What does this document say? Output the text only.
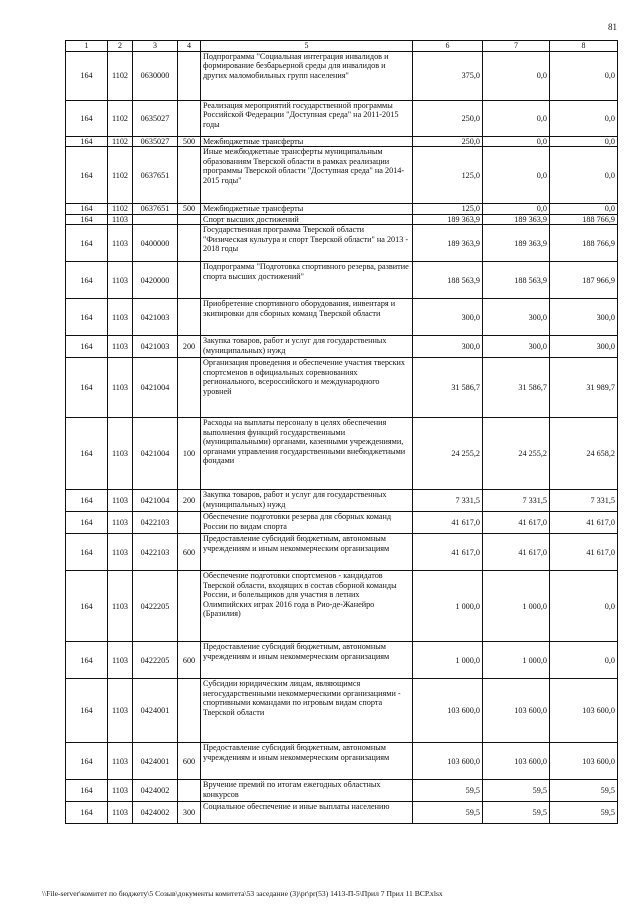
81
1	2	3	4	5	6	7	8
164	1102	0630000		Подпрограмма "Социальная интеграция инвалидов и формирование безбарьерной среды для инвалидов и других маломобильных групп населения"	375,0	0,0	0,0
164	1102	0635027		Реализация мероприятий государственной программы Российской Федерации "Доступная среда" на 2011-2015 годы	250,0	0,0	0,0
164	1102	0635027	500	Межбюджетные трансферты	250,0	0,0	0,0
164	1102	0637651		Иные межбюджетные трансферты муниципальным образованиям Тверской области в рамках реализации программы Тверской области "Доступная среда" на 2014-2015 годы"	125,0	0,0	0,0
164	1102	0637651	500	Межбюджетные трансферты	125,0	0,0	0,0
164	1103			Спорт высших достижений	189 363,9	189 363,9	188 766,9
164	1103	0400000		Государственная программа Тверской области "Физическая культура и спорт Тверской области" на 2013 - 2018 годы	189 363,9	189 363,9	188 766,9
164	1103	0420000		Подпрограмма "Подготовка спортивного резерва, развитие спорта высших достижений"	188 563,9	188 563,9	187 966,9
164	1103	0421003		Приобретение спортивного оборудования, инвентаря и экипировки для сборных команд Тверской области	300,0	300,0	300,0
164	1103	0421003	200	Закупка товаров, работ и услуг для государственных (муниципальных) нужд	300,0	300,0	300,0
164	1103	0421004		Организация проведения и обеспечение участия тверских спортсменов в официальных соревнованиях регионального, всероссийского и международного уровней	31 586,7	31 586,7	31 989,7
164	1103	0421004	100	Расходы на выплаты персоналу в целях обеспечения выполнения функций государственными (муниципальными) органами, казенными учреждениями, органами управления государственными внебюджетными фондами	24 255,2	24 255,2	24 658,2
164	1103	0421004	200	Закупка товаров, работ и услуг для государственных (муниципальных) нужд	7 331,5	7 331,5	7 331,5
164	1103	0422103		Обеспечение подготовки резерва для сборных команд России по видам спорта	41 617,0	41 617,0	41 617,0
164	1103	0422103	600	Предоставление субсидий бюджетным, автономным учреждениям и иным некоммерческим организациям	41 617,0	41 617,0	41 617,0
164	1103	0422205		Обеспечение подготовки спортсменов - кандидатов Тверской области, входящих в состав сборной команды России, и болельщиков для участия в летних Олимпийских играх 2016 года в Рио-де-Жанейро (Бразилия)	1 000,0	1 000,0	0,0
164	1103	0422205	600	Предоставление субсидий бюджетным, автономным учреждениям и иным некоммерческим организациям	1 000,0	1 000,0	0,0
164	1103	0424001		Субсидии юридическим лицам, являющимся негосударственными некоммерческими организациями - спортивными командами по игровым видам спорта Тверской области	103 600,0	103 600,0	103 600,0
164	1103	0424001	600	Предоставление субсидий бюджетным, автономным учреждениям и иным некоммерческим организациям	103 600,0	103 600,0	103 600,0
164	1103	0424002		Вручение премий по итогам ежегодных областных конкурсов	59,5	59,5	59,5
164	1103	0424002	300	Социальное обеспечение и иные выплаты населению	59,5	59,5	59,5
\\File-server\комитет по бюджету\5 Созыв\документы комитета\53 заседание (3)\pr\pr(53) 1413-П-5\Прил 7 Прил 11 ВСР.xlsx
